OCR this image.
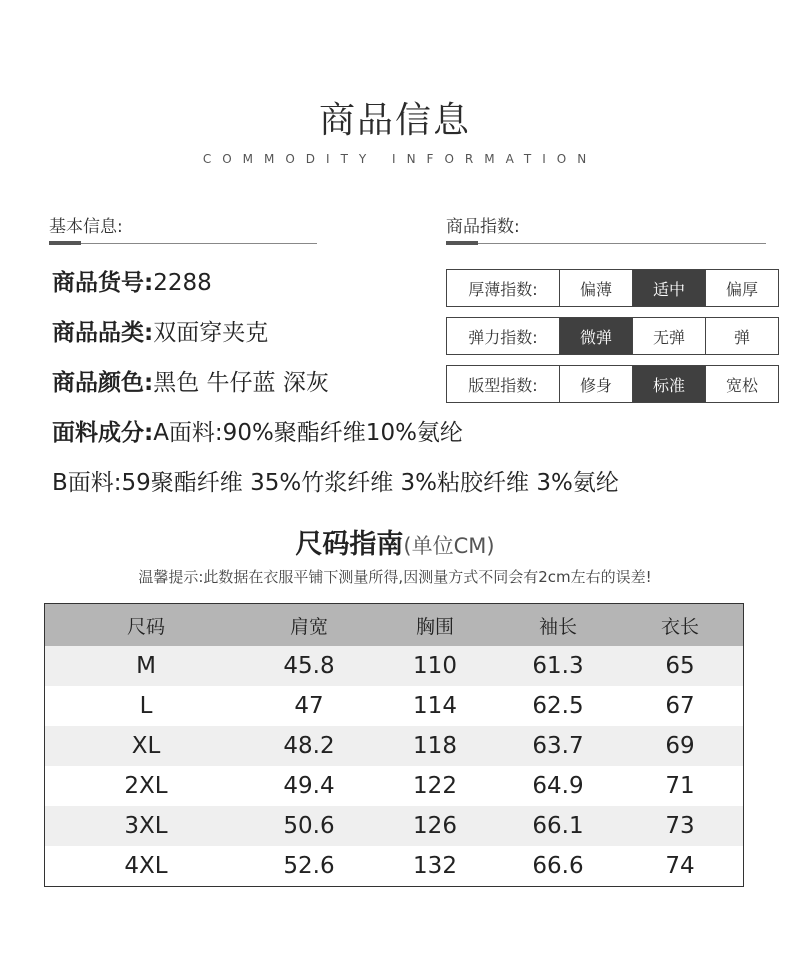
商品信息
COMMODITY INFORMATION
基本信息:
商品货号:2288
商品品类:双面穿夹克
商品颜色:黑色 牛仔蓝 深灰
面料成分:A面料:90%聚酯纤维10%氨纶
B面料:59聚酯纤维 35%竹浆纤维 3%粘胶纤维 3%氨纶
商品指数:
厚薄指数:	偏薄	适中	偏厚
弹力指数:	微弹	无弹	弹
版型指数:	修身	标准	宽松
尺码指南(单位CM)
温馨提示:此数据在衣服平铺下测量所得,因测量方式不同会有2cm左右的误差!
尺码	肩宽	胸围	袖长	衣长
M	45.8	110	61.3	65
L	47	114	62.5	67
XL	48.2	118	63.7	69
2XL	49.4	122	64.9	71
3XL	50.6	126	66.1	73
4XL	52.6	132	66.6	74
